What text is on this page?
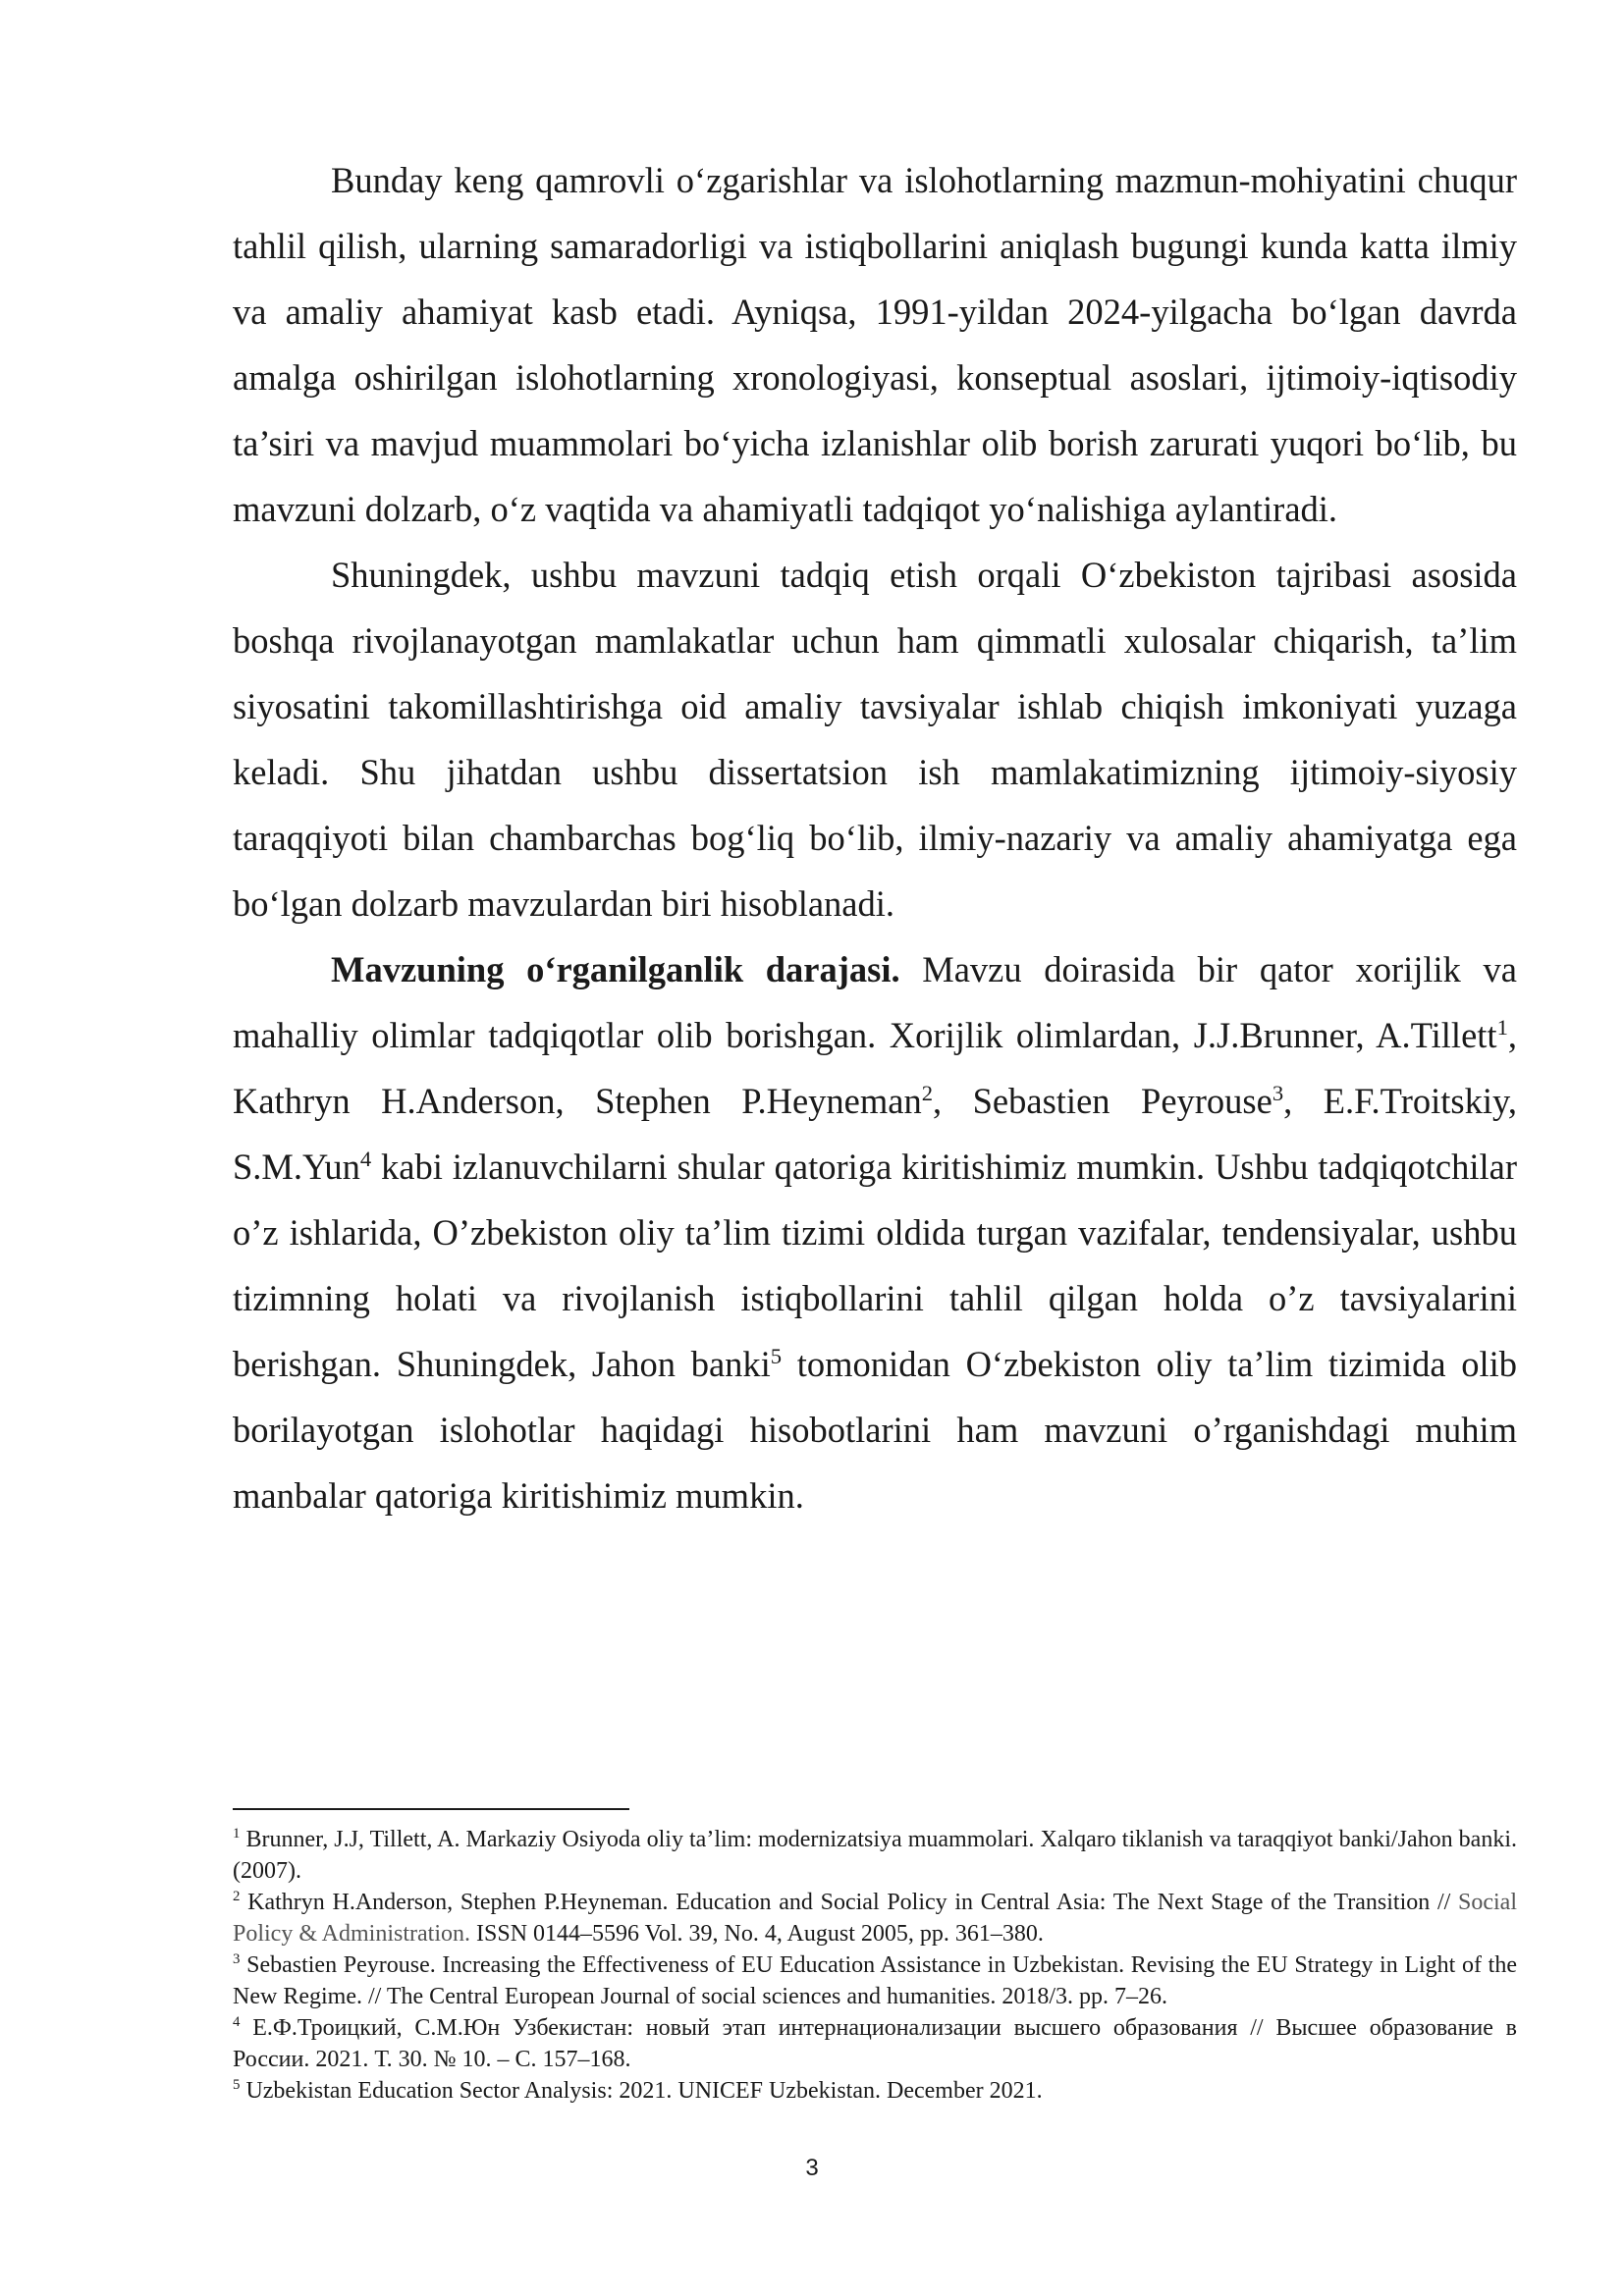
Bunday keng qamrovli o‘zgarishlar va islohotlarning mazmun-mohiyatini chuqur tahlil qilish, ularning samaradorligi va istiqbollarini aniqlash bugungi kunda katta ilmiy va amaliy ahamiyat kasb etadi. Ayniqsa, 1991-yildan 2024-yilgacha bo‘lgan davrda amalga oshirilgan islohotlarning xronologiyasi, konseptual asoslari, ijtimoiy-iqtisodiy ta’siri va mavjud muammolari bo‘yicha izlanishlar olib borish zarurati yuqori bo‘lib, bu mavzuni dolzarb, o‘z vaqtida va ahamiyatli tadqiqot yo‘nalishiga aylantiradi.

Shuningdek, ushbu mavzuni tadqiq etish orqali O‘zbekiston tajribasi asosida boshqa rivojlanayotgan mamlakatlar uchun ham qimmatli xulosalar chiqarish, ta’lim siyosatini takomillashtirishga oid amaliy tavsiyalar ishlab chiqish imkoniyati yuzaga keladi. Shu jihatdan ushbu dissertatsion ish mamlakatimizning ijtimoiy-siyosiy taraqqiyoti bilan chambarchas bog‘liq bo‘lib, ilmiy-nazariy va amaliy ahamiyatga ega bo‘lgan dolzarb mavzulardan biri hisoblanadi.

Mavzuning o‘rganilganlik darajasi. Mavzu doirasida bir qator xorijlik va mahalliy olimlar tadqiqotlar olib borishgan. Xorijlik olimlardan, J.J.Brunner, A.Tillett$^1$, Kathryn H.Anderson, Stephen P.Heyneman$^2$, Sebastien Peyrouse$^3$, E.F.Troitskiy, S.M.Yun$^4$ kabi izlanuvchilarni shular qatoriga kiritishimiz mumkin. Ushbu tadqiqotchilar o’z ishlarida, O’zbekiston oliy ta’lim tizimi oldida turgan vazifalar, tendensiyalar, ushbu tizimning holati va rivojlanish istiqbollarini tahlil qilgan holda o’z tavsiyalarini berishgan. Shuningdek, Jahon banki$^5$ tomonidan O‘zbekiston oliy ta’lim tizimida olib borilayotgan islohotlar haqidagi hisobotlarini ham mavzuni o’rganishdagi muhim manbalar qatoriga kiritishimiz mumkin.

$^1$ Brunner, J.J, Tillett, A. Markaziy Osiyoda oliy ta’lim: modernizatsiya muammolari. Xalqaro tiklanish va taraqqiyot banki/Jahon banki. (2007).

$^2$ Kathryn H.Anderson, Stephen P.Heyneman. Education and Social Policy in Central Asia: The Next Stage of the Transition // Social Policy & Administration. ISSN 0144–5596 Vol. 39, No. 4, August 2005, pp. 361–380.

$^3$ Sebastien Peyrouse. Increasing the Effectiveness of EU Education Assistance in Uzbekistan. Revising the EU Strategy in Light of the New Regime. // The Central European Journal of social sciences and humanities. 2018/3. pp. 7–26.

$^4$ Е.Ф.Троицкий, С.М.Юн Узбекистан: новый этап интернационализации высшего образования // Высшее образование в России. 2021. Т. 30. № 10. – С. 157–168.

$^5$ Uzbekistan Education Sector Analysis: 2021. UNICEF Uzbekistan. December 2021.

3
